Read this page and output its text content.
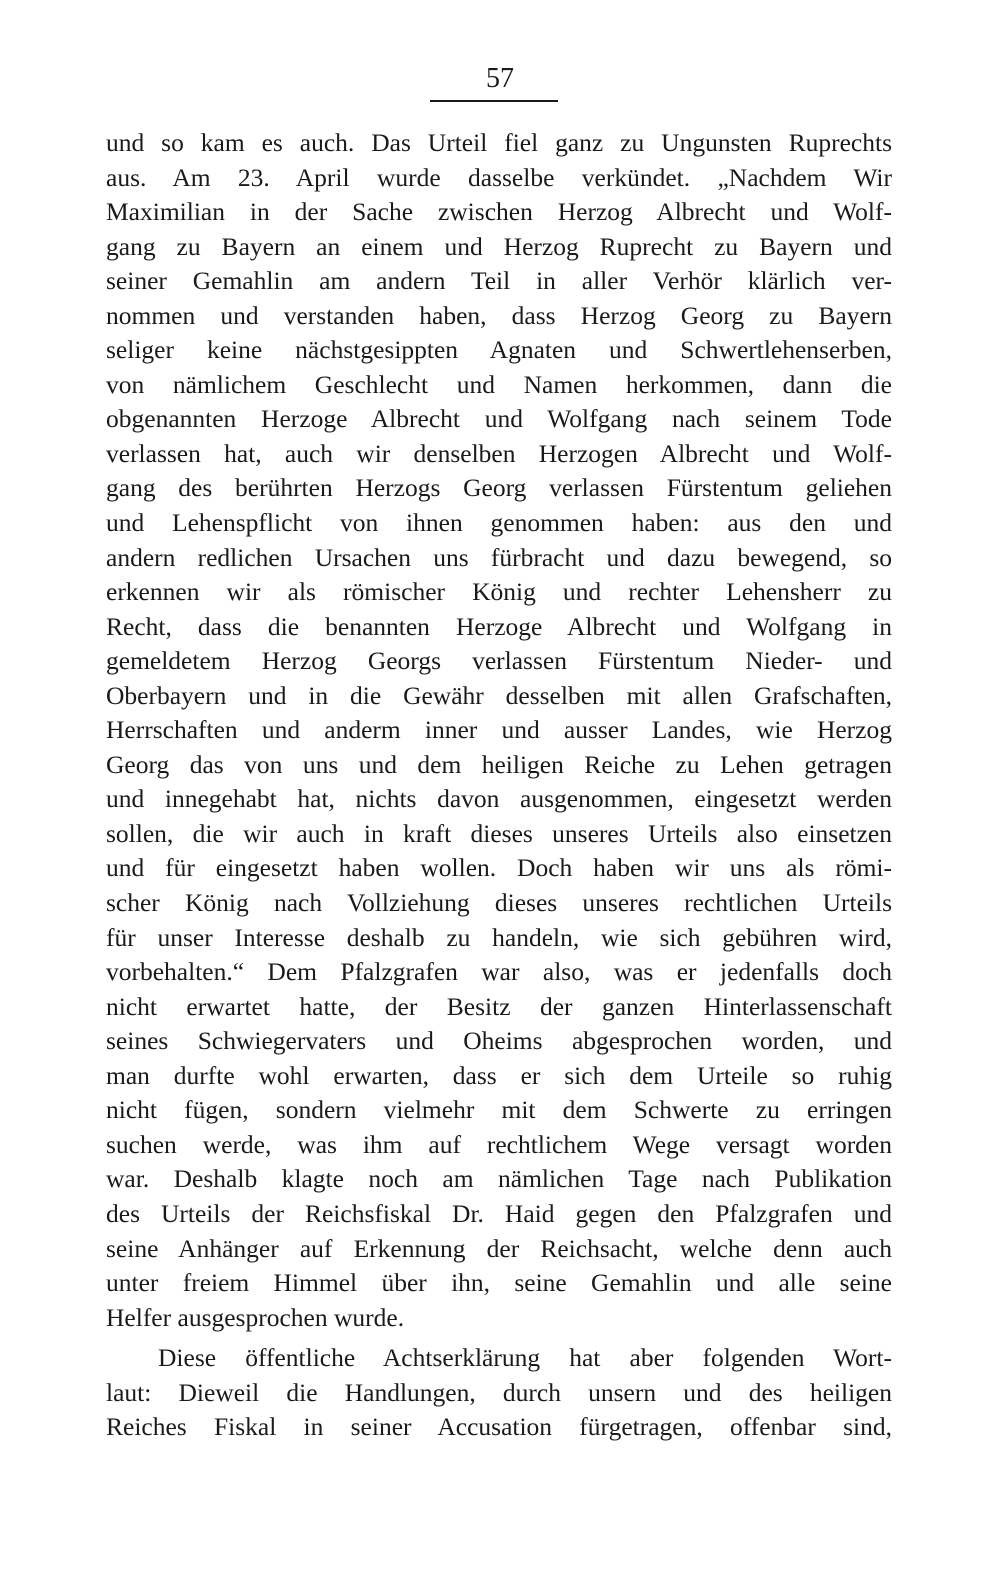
57
und so kam es auch. Das Urteil fiel ganz zu Ungunsten Ruprechts
aus. Am 23. April wurde dasselbe verkündet. „Nachdem Wir
Maximilian in der Sache zwischen Herzog Albrecht und Wolf-
gang zu Bayern an einem und Herzog Ruprecht zu Bayern und
seiner Gemahlin am andern Teil in aller Verhör klärlich ver-
nommen und verstanden haben, dass Herzog Georg zu Bayern
seliger keine nächstgesippten Agnaten und Schwertlehenserben,
von nämlichem Geschlecht und Namen herkommen, dann die
obgenannten Herzoge Albrecht und Wolfgang nach seinem Tode
verlassen hat, auch wir denselben Herzogen Albrecht und Wolf-
gang des berührten Herzogs Georg verlassen Fürstentum geliehen
und Lehenspflicht von ihnen genommen haben: aus den und
andern redlichen Ursachen uns fürbracht und dazu bewegend, so
erkennen wir als römischer König und rechter Lehensherr zu
Recht, dass die benannten Herzoge Albrecht und Wolfgang in
gemeldetem Herzog Georgs verlassen Fürstentum Nieder- und
Oberbayern und in die Gewähr desselben mit allen Grafschaften,
Herrschaften und anderm inner und ausser Landes, wie Herzog
Georg das von uns und dem heiligen Reiche zu Lehen getragen
und innegehabt hat, nichts davon ausgenommen, eingesetzt werden
sollen, die wir auch in kraft dieses unseres Urteils also einsetzen
und für eingesetzt haben wollen. Doch haben wir uns als römi-
scher König nach Vollziehung dieses unseres rechtlichen Urteils
für unser Interesse deshalb zu handeln, wie sich gebühren wird,
vorbehalten.“ Dem Pfalzgrafen war also, was er jedenfalls doch
nicht erwartet hatte, der Besitz der ganzen Hinterlassenschaft
seines Schwiegervaters und Oheims abgesprochen worden, und
man durfte wohl erwarten, dass er sich dem Urteile so ruhig
nicht fügen, sondern vielmehr mit dem Schwerte zu erringen
suchen werde, was ihm auf rechtlichem Wege versagt worden
war. Deshalb klagte noch am nämlichen Tage nach Publikation
des Urteils der Reichsfiskal Dr. Haid gegen den Pfalzgrafen und
seine Anhänger auf Erkennung der Reichsacht, welche denn auch
unter freiem Himmel über ihn, seine Gemahlin und alle seine
Helfer ausgesprochen wurde.
Diese öffentliche Achtserklärung hat aber folgenden Wort-
laut: Dieweil die Handlungen, durch unsern und des heiligen
Reiches Fiskal in seiner Accusation fürgetragen, offenbar sind,
